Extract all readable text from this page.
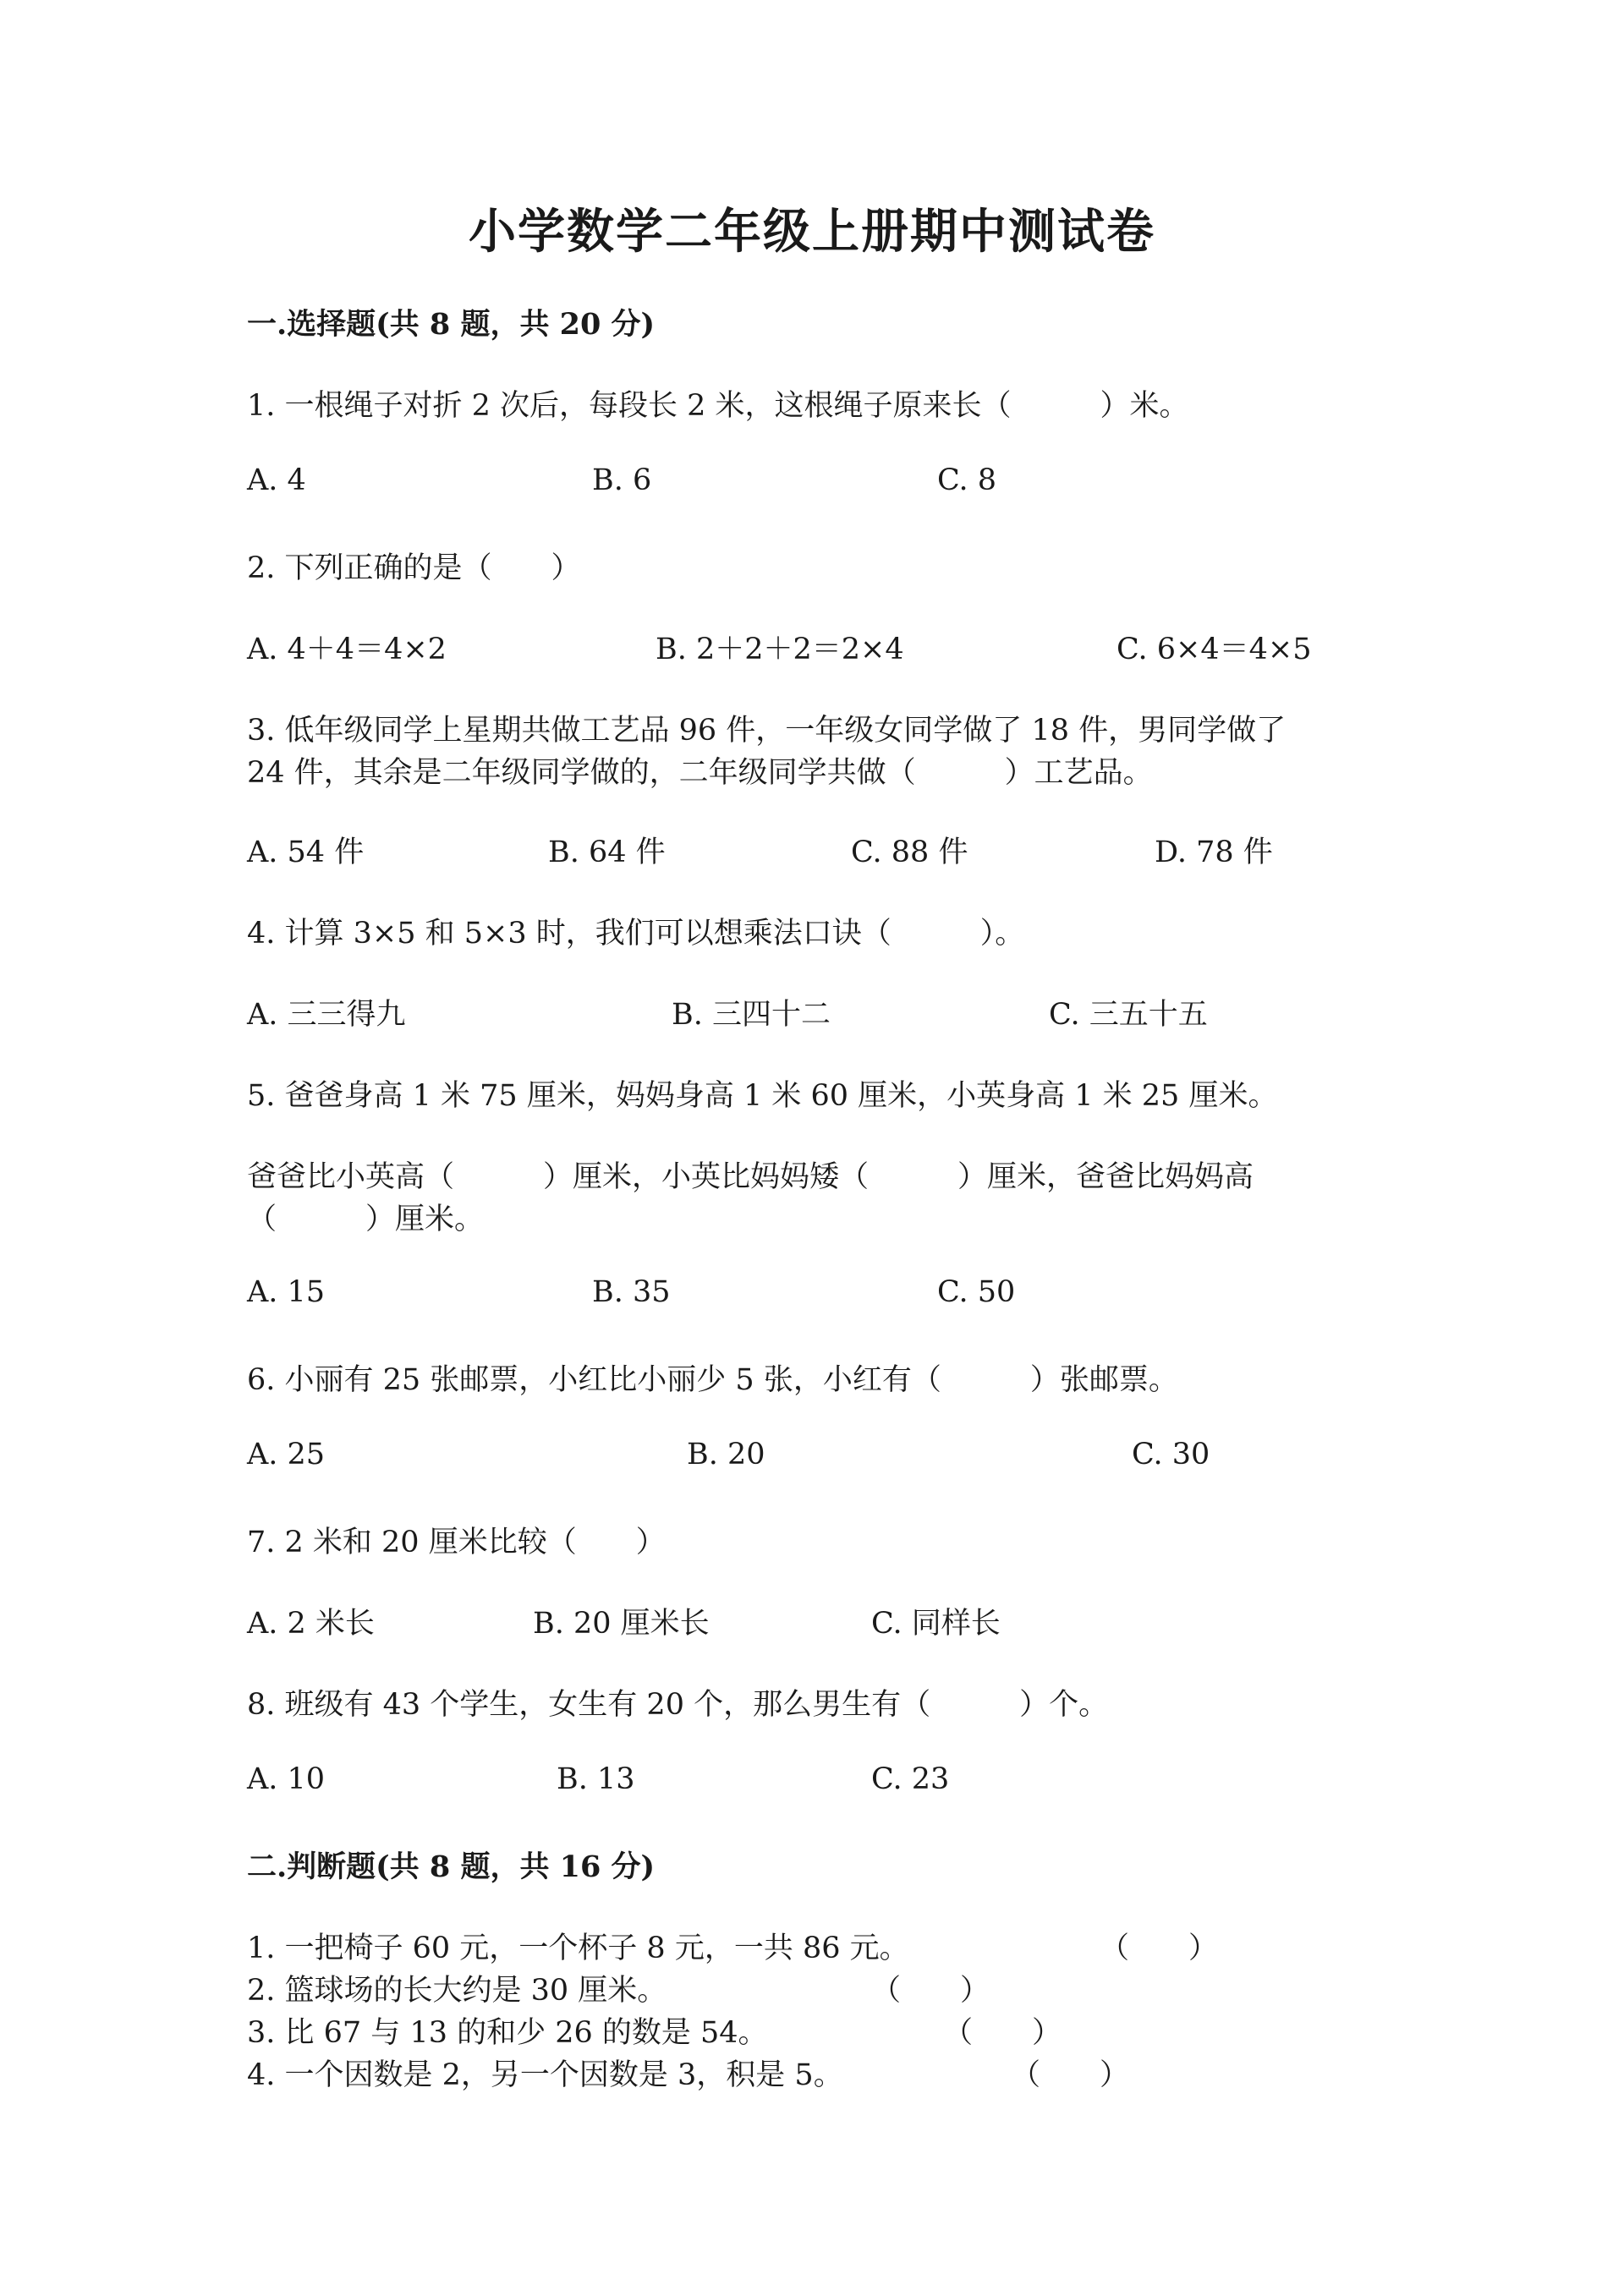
小学数学二年级上册期中测试卷
一.选择题(共 8 题，共 20 分)
1. 一根绳子对折 2 次后，每段长 2 米，这根绳子原来长（　　　）米。
A. 4	B. 6	C. 8
2. 下列正确的是（　　）
A. 4＋4＝4×2	B. 2＋2＋2＝2×4	C. 6×4＝4×5
3. 低年级同学上星期共做工艺品 96 件，一年级女同学做了 18 件，男同学做了
24 件，其余是二年级同学做的，二年级同学共做（　　　）工艺品。
A. 54 件	B. 64 件	C. 88 件	D. 78 件
4. 计算 3×5 和 5×3 时，我们可以想乘法口诀（　　　）。
A. 三三得九	B. 三四十二	C. 三五十五
5. 爸爸身高 1 米 75 厘米，妈妈身高 1 米 60 厘米，小英身高 1 米 25 厘米。
爸爸比小英高（　　　）厘米，小英比妈妈矮（　　　）厘米，爸爸比妈妈高
（　　　）厘米。
A. 15	B. 35	C. 50
6. 小丽有 25 张邮票，小红比小丽少 5 张，小红有（　　　）张邮票。
A. 25	B. 20	C. 30
7. 2 米和 20 厘米比较（　　）
A. 2 米长	B. 20 厘米长	C. 同样长
8. 班级有 43 个学生，女生有 20 个，那么男生有（　　　）个。
A. 10	B. 13	C. 23
二.判断题(共 8 题，共 16 分)
1. 一把椅子 60 元，一个杯子 8 元，一共 86 元。	（　　）
2. 篮球场的长大约是 30 厘米。	（　　）
3. 比 67 与 13 的和少 26 的数是 54。	（　　）
4. 一个因数是 2，另一个因数是 3，积是 5。	（　　）
